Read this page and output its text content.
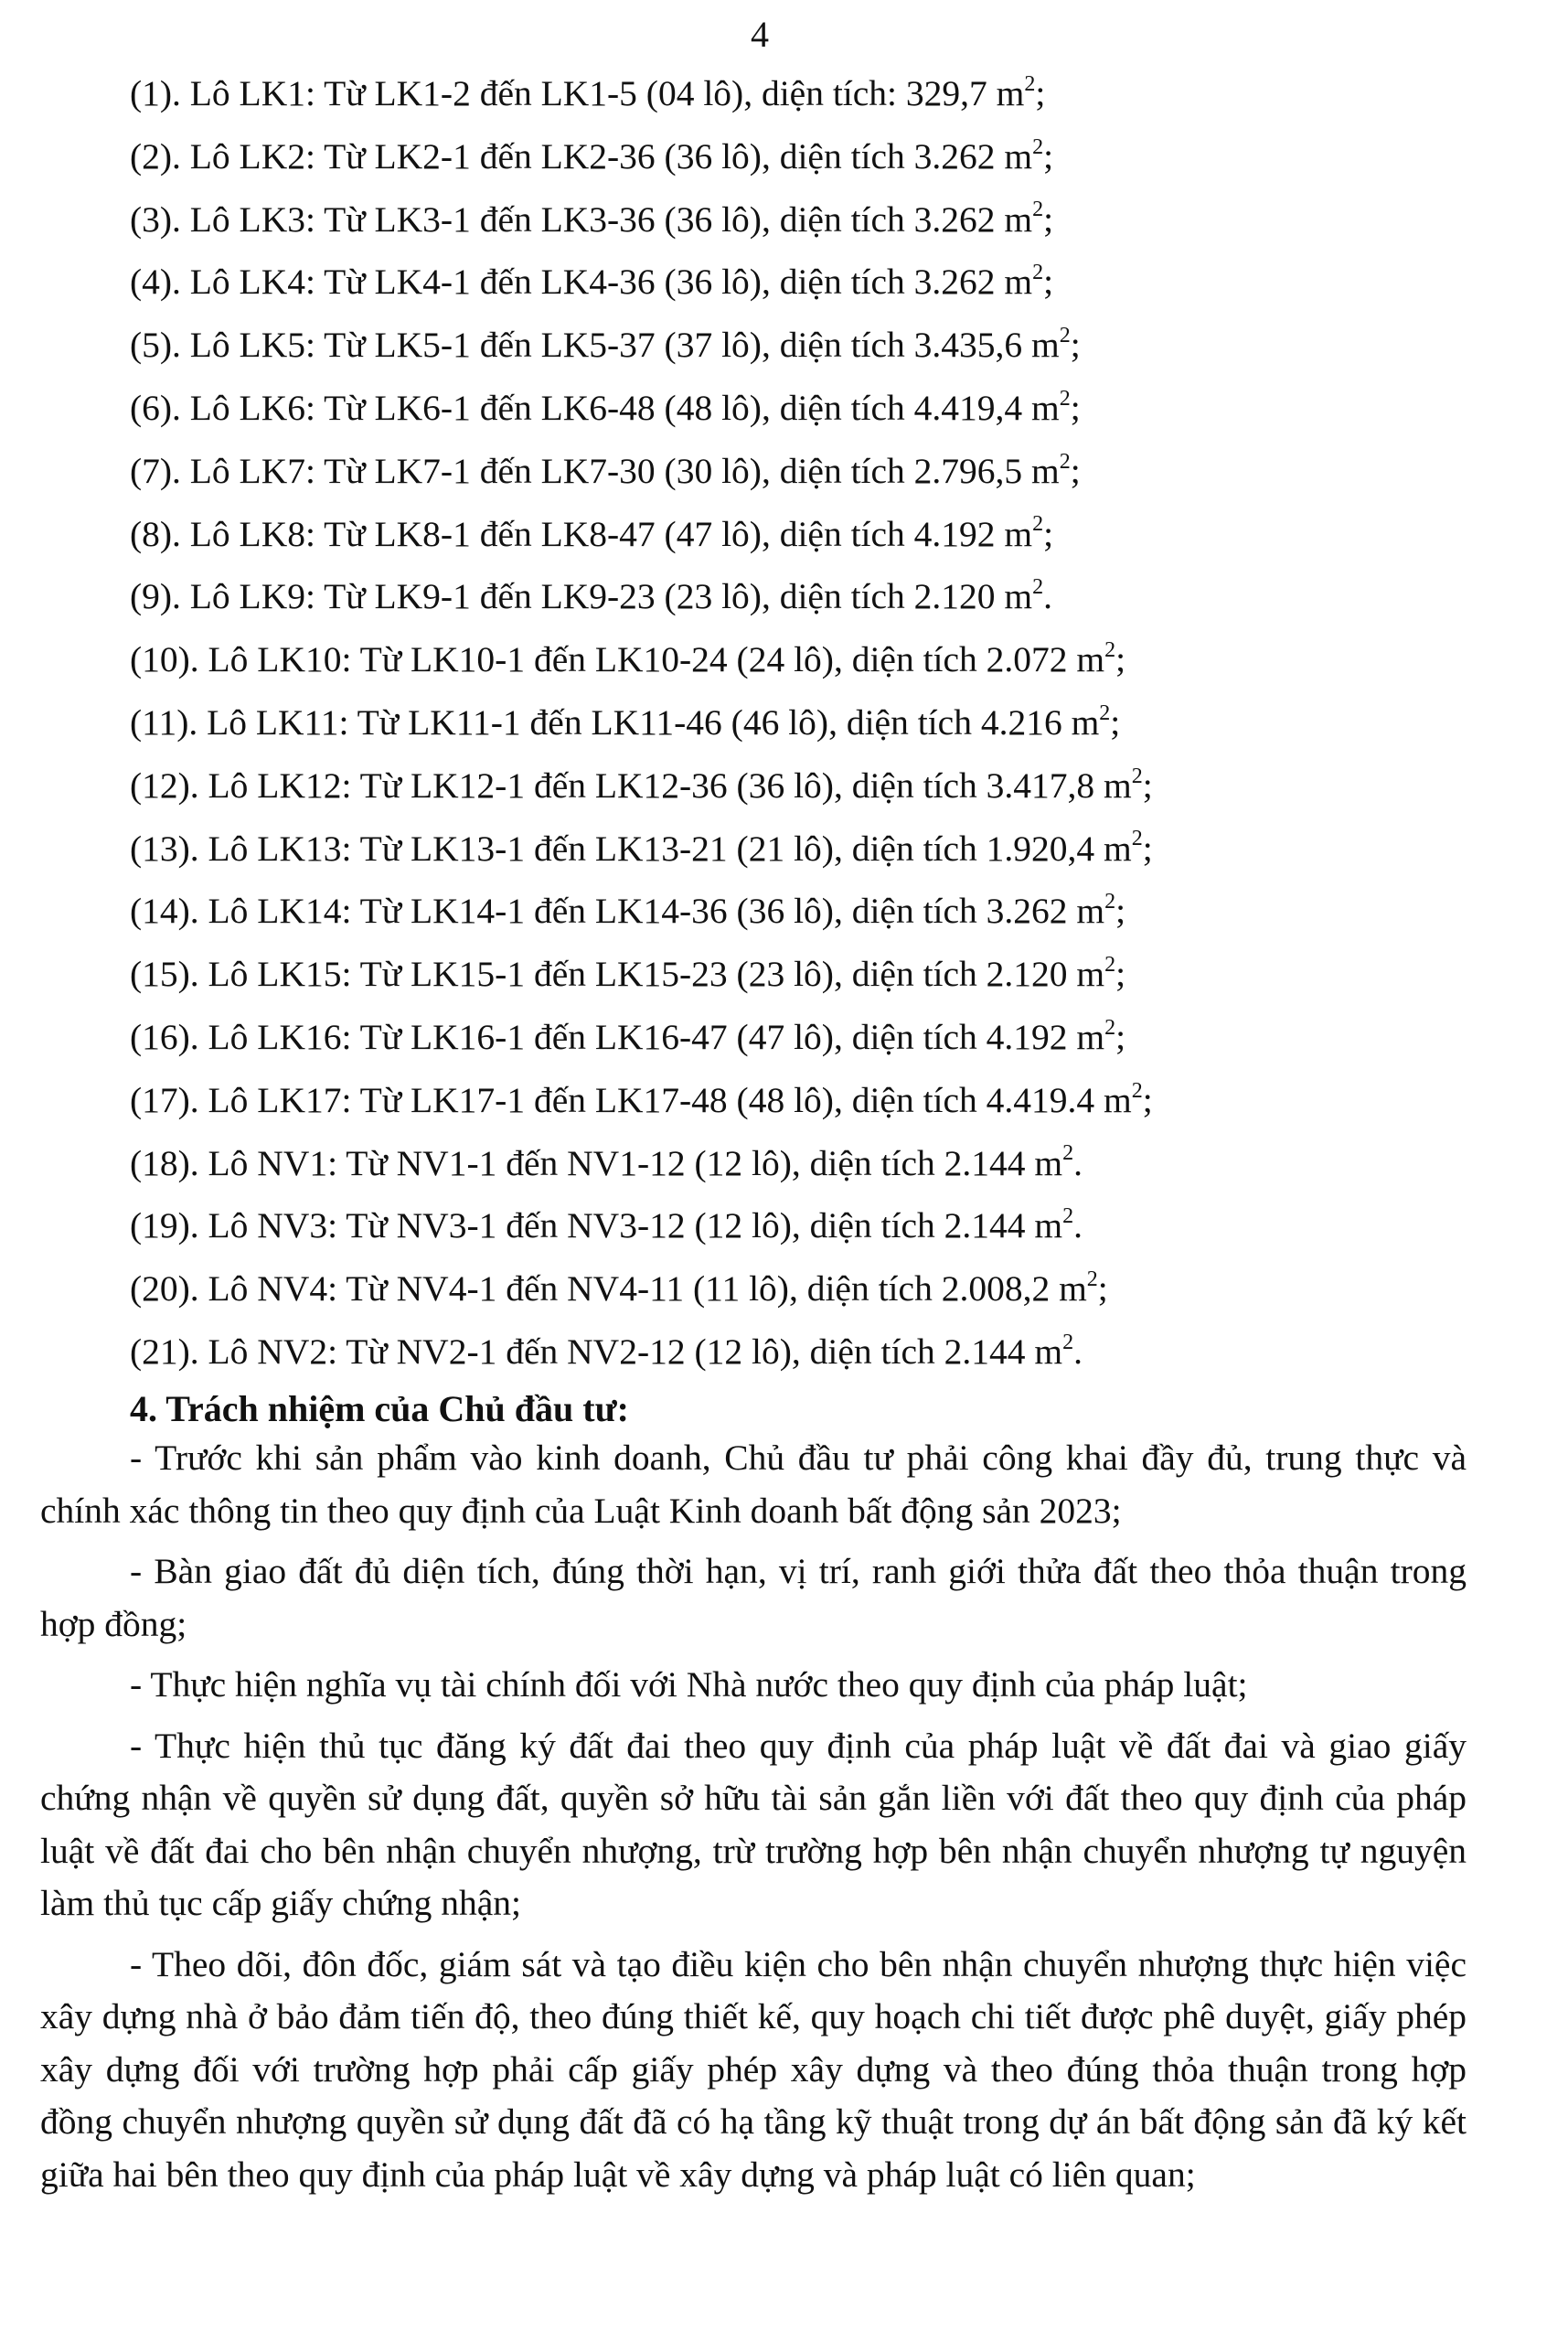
4
(1). Lô LK1: Từ LK1-2 đến LK1-5 (04 lô), diện tích: 329,7 $m^2$;
(2). Lô LK2: Từ LK2-1 đến LK2-36 (36 lô), diện tích 3.262 $m^2$;
(3). Lô LK3: Từ LK3-1 đến LK3-36 (36 lô), diện tích 3.262 $m^2$;
(4). Lô LK4: Từ LK4-1 đến LK4-36 (36 lô), diện tích 3.262 $m^2$;
(5). Lô LK5: Từ LK5-1 đến LK5-37 (37 lô), diện tích 3.435,6 $m^2$;
(6). Lô LK6: Từ LK6-1 đến LK6-48 (48 lô), diện tích 4.419,4 $m^2$;
(7). Lô LK7: Từ LK7-1 đến LK7-30 (30 lô), diện tích 2.796,5 $m^2$;
(8). Lô LK8: Từ LK8-1 đến LK8-47 (47 lô), diện tích 4.192 $m^2$;
(9). Lô LK9: Từ LK9-1 đến LK9-23 (23 lô), diện tích 2.120 $m^2$.
(10). Lô LK10: Từ LK10-1 đến LK10-24 (24 lô), diện tích 2.072 $m^2$;
(11). Lô LK11: Từ LK11-1 đến LK11-46 (46 lô), diện tích 4.216 $m^2$;
(12). Lô LK12: Từ LK12-1 đến LK12-36 (36 lô), diện tích 3.417,8 $m^2$;
(13). Lô LK13: Từ LK13-1 đến LK13-21 (21 lô), diện tích 1.920,4 $m^2$;
(14). Lô LK14: Từ LK14-1 đến LK14-36 (36 lô), diện tích 3.262 $m^2$;
(15). Lô LK15: Từ LK15-1 đến LK15-23 (23 lô), diện tích 2.120 $m^2$;
(16). Lô LK16: Từ LK16-1 đến LK16-47 (47 lô), diện tích 4.192 $m^2$;
(17). Lô LK17: Từ LK17-1 đến LK17-48 (48 lô), diện tích 4.419.4 $m^2$;
(18). Lô NV1: Từ NV1-1 đến NV1-12 (12 lô), diện tích 2.144 $m^2$.
(19). Lô NV3: Từ NV3-1 đến NV3-12 (12 lô), diện tích 2.144 $m^2$.
(20). Lô NV4: Từ NV4-1 đến NV4-11 (11 lô), diện tích 2.008,2 $m^2$;
(21). Lô NV2: Từ NV2-1 đến NV2-12 (12 lô), diện tích 2.144 $m^2$.
4. Trách nhiệm của Chủ đầu tư:

- Trước khi sản phẩm vào kinh doanh, Chủ đầu tư phải công khai đầy đủ, trung thực và chính xác thông tin theo quy định của Luật Kinh doanh bất động sản 2023;

- Bàn giao đất đủ diện tích, đúng thời hạn, vị trí, ranh giới thửa đất theo thỏa thuận trong hợp đồng;

- Thực hiện nghĩa vụ tài chính đối với Nhà nước theo quy định của pháp luật;

- Thực hiện thủ tục đăng ký đất đai theo quy định của pháp luật về đất đai và giao giấy chứng nhận về quyền sử dụng đất, quyền sở hữu tài sản gắn liền với đất theo quy định của pháp luật về đất đai cho bên nhận chuyển nhượng, trừ trường hợp bên nhận chuyển nhượng tự nguyện làm thủ tục cấp giấy chứng nhận;

- Theo dõi, đôn đốc, giám sát và tạo điều kiện cho bên nhận chuyển nhượng thực hiện việc xây dựng nhà ở bảo đảm tiến độ, theo đúng thiết kế, quy hoạch chi tiết được phê duyệt, giấy phép xây dựng đối với trường hợp phải cấp giấy phép xây dựng và theo đúng thỏa thuận trong hợp đồng chuyển nhượng quyền sử dụng đất đã có hạ tầng kỹ thuật trong dự án bất động sản đã ký kết giữa hai bên theo quy định của pháp luật về xây dựng và pháp luật có liên quan;
